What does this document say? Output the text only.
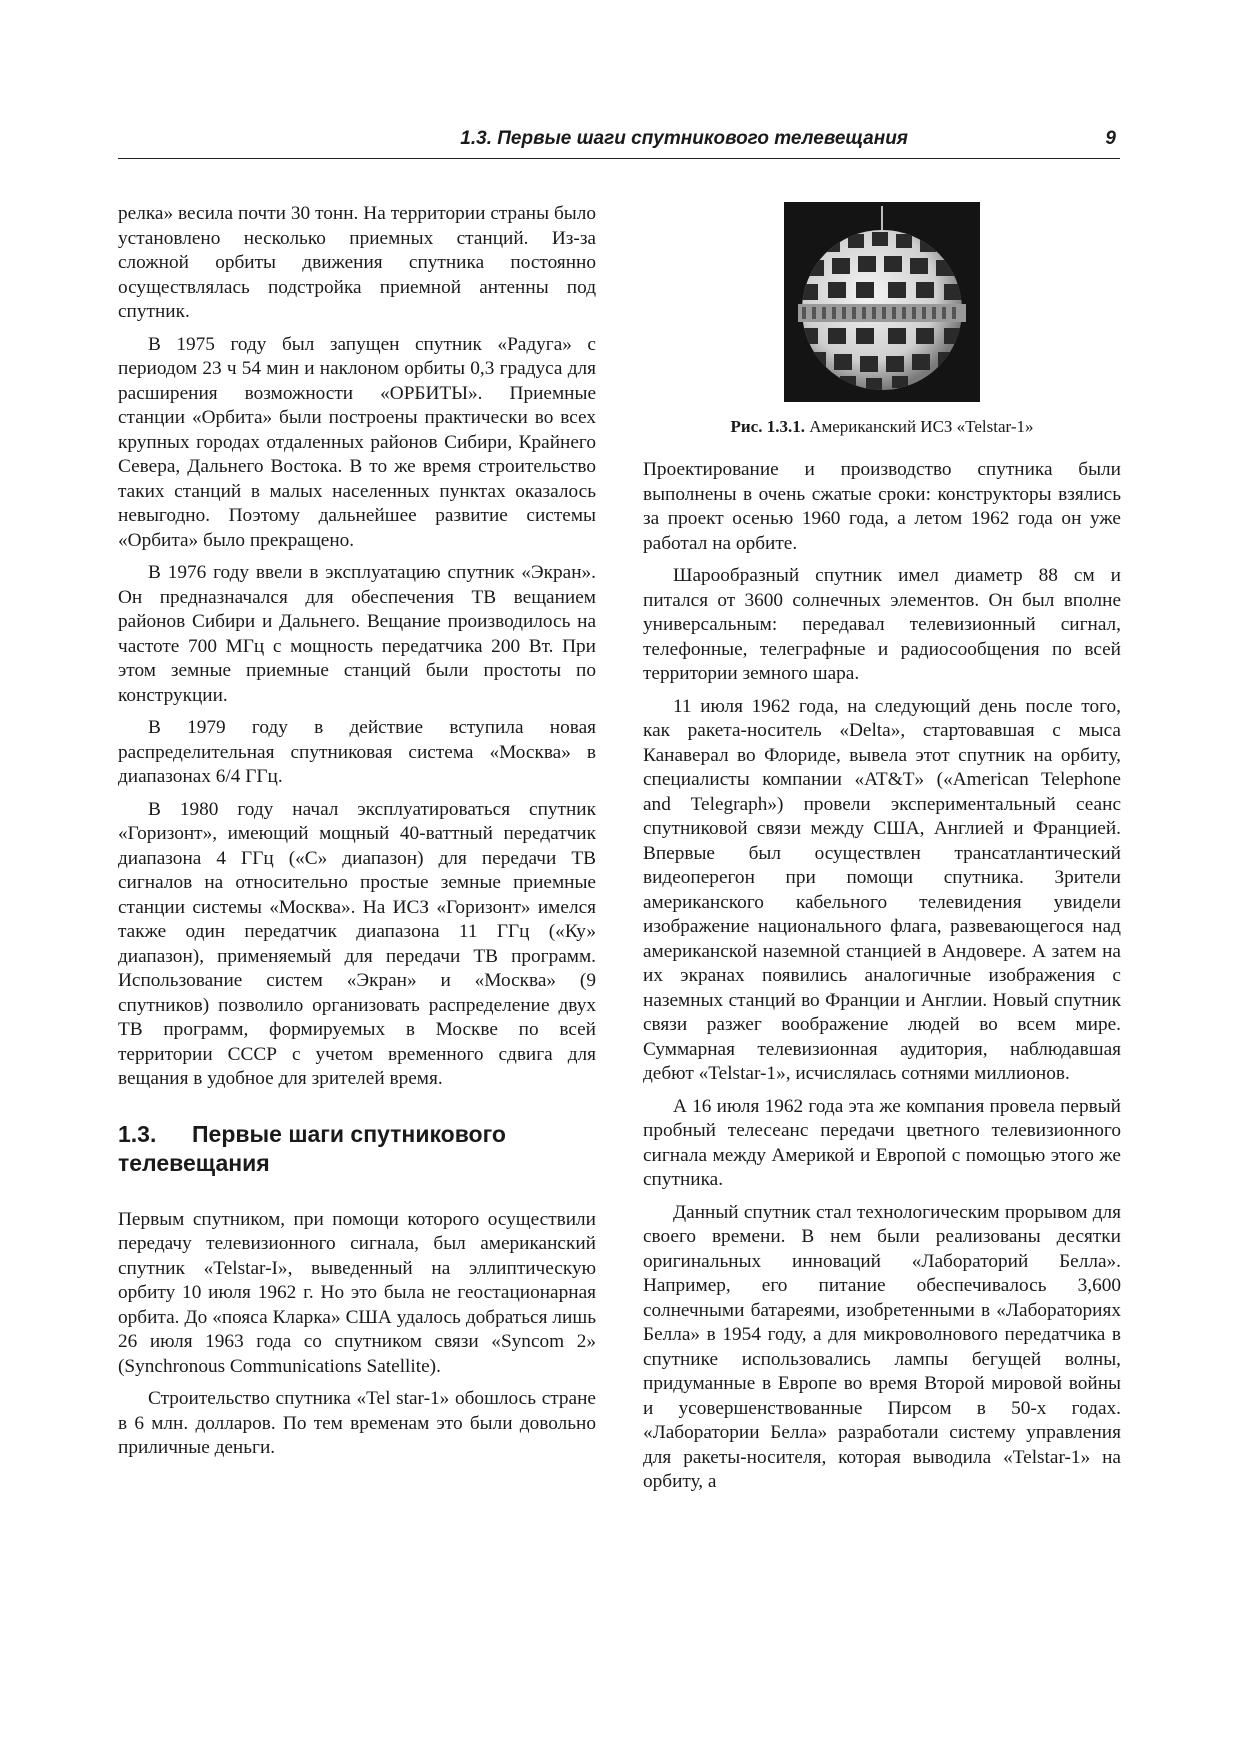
1.3. Первые шаги спутникового телевещания	9

релка» весила почти 30 тонн. На территории страны было установлено несколько приемных станций. Из-за сложной орбиты движения спутника постоянно осуществлялась подстройка приемной антенны под спутник.

В 1975 году был запущен спутник «Радуга» с периодом 23 ч 54 мин и наклоном орбиты 0,3 градуса для расширения возможности «ОРБИТЫ». Приемные станции «Орбита» были построены практически во всех крупных городах отдаленных районов Сибири, Крайнего Севера, Дальнего Востока. В то же время строительство таких станций в малых населенных пунктах оказалось невыгодно. Поэтому дальнейшее развитие системы «Орбита» было прекращено.

В 1976 году ввели в эксплуатацию спутник «Экран». Он предназначался для обеспечения ТВ вещанием районов Сибири и Дальнего. Вещание производилось на частоте 700 МГц с мощность передатчика 200 Вт. При этом земные приемные станций были простоты по конструкции.

В 1979 году в действие вступила новая распределительная спутниковая система «Москва» в диапазонах 6/4 ГГц.

В 1980 году начал эксплуатироваться спутник «Горизонт», имеющий мощный 40-ваттный передатчик диапазона 4 ГГц («С» диапазон) для передачи ТВ сигналов на относительно простые земные приемные станции системы «Москва». На ИСЗ «Горизонт» имелся также один передатчик диапазона 11 ГГц («Ку» диапазон), применяемый для передачи ТВ программ. Использование систем «Экран» и «Москва» (9 спутников) позволило организовать распределение двух ТВ программ, формируемых в Москве по всей территории СССР с учетом временного сдвига для вещания в удобное для зрителей время.

1.3. Первые шаги спутникового телевещания

Первым спутником, при помощи которого осуществили передачу телевизионного сигнала, был американский спутник «Telstar-I», выведенный на эллиптическую орбиту 10 июля 1962 г. Но это была не геостационарная орбита. До «пояса Кларка» США удалось добраться лишь 26 июля 1963 года со спутником связи «Syncom 2» (Synchronous Communications Satellite).

Строительство спутника «Tel star-1» обошлось стране в 6 млн. долларов. По тем временам это были довольно приличные деньги.

Рис. 1.3.1. Американский ИСЗ «Telstar-1»

Проектирование и производство спутника были выполнены в очень сжатые сроки: конструкторы взялись за проект осенью 1960 года, а летом 1962 года он уже работал на орбите.

Шарообразный спутник имел диаметр 88 см и питался от 3600 солнечных элементов. Он был вполне универсальным: передавал телевизионный сигнал, телефонные, телеграфные и радиосообщения по всей территории земного шара.

11 июля 1962 года, на следующий день после того, как ракета-носитель «Delta», стартовавшая с мыса Канаверал во Флориде, вывела этот спутник на орбиту, специалисты компании «AT&T» («American Telephone and Telegraph») провели экспериментальный сеанс спутниковой связи между США, Англией и Францией. Впервые был осуществлен трансатлантический видеоперегон при помощи спутника. Зрители американского кабельного телевидения увидели изображение национального флага, развевающегося над американской наземной станцией в Андовере. А затем на их экранах появились аналогичные изображения с наземных станций во Франции и Англии. Новый спутник связи разжег воображение людей во всем мире. Суммарная телевизионная аудитория, наблюдавшая дебют «Telstar-1», исчислялась сотнями миллионов.

А 16 июля 1962 года эта же компания провела первый пробный телесеанс передачи цветного телевизионного сигнала между Америкой и Европой с помощью этого же спутника.

Данный спутник стал технологическим прорывом для своего времени. В нем были реализованы десятки оригинальных инноваций «Лабораторий Белла». Например, его питание обеспечивалось 3,600 солнечными батареями, изобретенными в «Лабораториях Белла» в 1954 году, а для микроволнового передатчика в спутнике использовались лампы бегущей волны, придуманные в Европе во время Второй мировой войны и усовершенствованные Пирсом в 50-х годах. «Лаборатории Белла» разработали систему управления для ракеты-носителя, которая выводила «Telstar-1» на орбиту, а
